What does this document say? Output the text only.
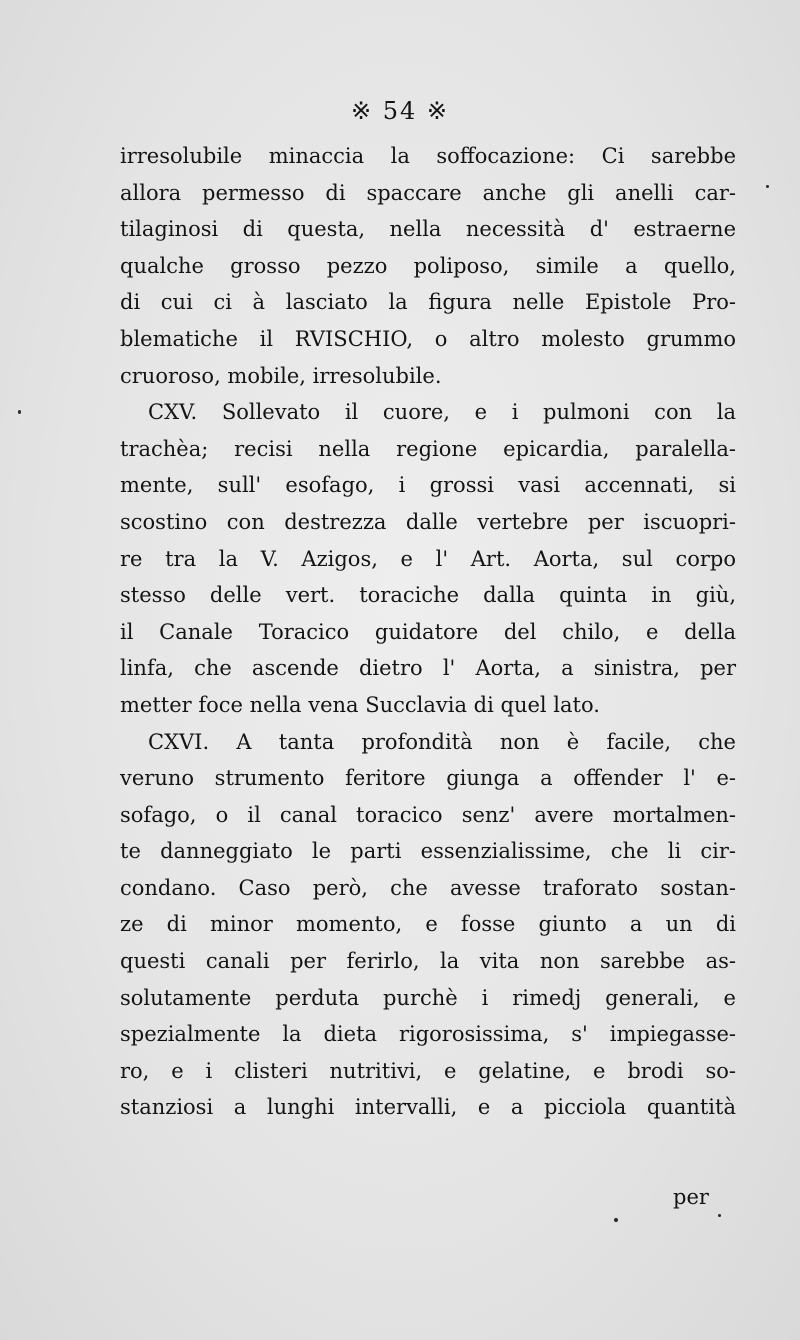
※ 54 ※
irresolubile minaccia la soffocazione: Ci sarebbe
allora permesso di spaccare anche gli anelli car-
tilaginosi di questa, nella necessità d' estraerne
qualche grosso pezzo poliposo, simile a quello,
di cui ci à lasciato la figura nelle Epistole Pro-
blematiche il RVISCHIO, o altro molesto grummo
cruoroso, mobile, irresolubile.
CXV. Sollevato il cuore, e i pulmoni con la
trachèa; recisi nella regione epicardia, paralella-
mente, sull' esofago, i grossi vasi accennati, si
scostino con destrezza dalle vertebre per iscuopri-
re tra la V. Azigos, e l' Art. Aorta, sul corpo
stesso delle vert. toraciche dalla quinta in giù,
il Canale Toracico guidatore del chilo, e della
linfa, che ascende dietro l' Aorta, a sinistra, per
metter foce nella vena Succlavia di quel lato.
CXVI. A tanta profondità non è facile, che
veruno strumento feritore giunga a offender l' e-
sofago, o il canal toracico senz' avere mortalmen-
te danneggiato le parti essenzialissime, che li cir-
condano. Caso però, che avesse traforato sostan-
ze di minor momento, e fosse giunto a un di
questi canali per ferirlo, la vita non sarebbe as-
solutamente perduta purchè i rimedj generali, e
spezialmente la dieta rigorosissima, s' impiegasse-
ro, e i clisteri nutritivi, e gelatine, e brodi so-
stanziosi a lunghi intervalli, e a picciola quantità
per
